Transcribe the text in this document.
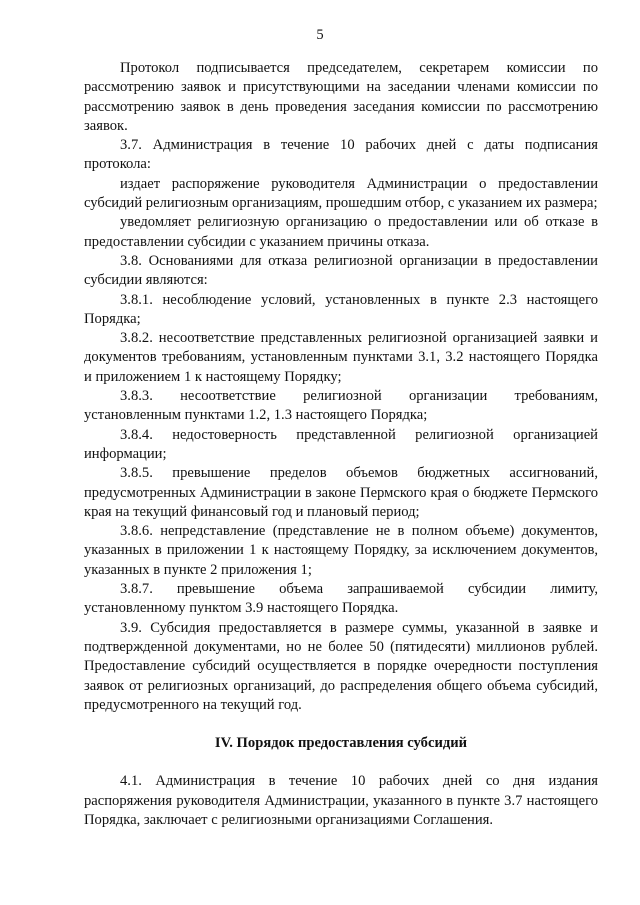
5

Протокол подписывается председателем, секретарем комиссии по рассмотрению заявок и присутствующими на заседании членами комиссии по рассмотрению заявок в день проведения заседания комиссии по рассмотрению заявок.

3.7. Администрация в течение 10 рабочих дней с даты подписания протокола:

издает распоряжение руководителя Администрации о предоставлении субсидий религиозным организациям, прошедшим отбор, с указанием их размера;

уведомляет религиозную организацию о предоставлении или об отказе в предоставлении субсидии с указанием причины отказа.

3.8. Основаниями для отказа религиозной организации в предоставлении субсидии являются:

3.8.1. несоблюдение условий, установленных в пункте 2.3 настоящего Порядка;

3.8.2. несоответствие представленных религиозной организацией заявки и документов требованиям, установленным пунктами 3.1, 3.2 настоящего Порядка и приложением 1 к настоящему Порядку;

3.8.3. несоответствие религиозной организации требованиям, установленным пунктами 1.2, 1.3 настоящего Порядка;

3.8.4. недостоверность представленной религиозной организацией информации;

3.8.5. превышение пределов объемов бюджетных ассигнований, предусмотренных Администрации в законе Пермского края о бюджете Пермского края на текущий финансовый год и плановый период;

3.8.6. непредставление (представление не в полном объеме) документов, указанных в приложении 1 к настоящему Порядку, за исключением документов, указанных в пункте 2 приложения 1;

3.8.7. превышение объема запрашиваемой субсидии лимиту, установленному пунктом 3.9 настоящего Порядка.

3.9. Субсидия предоставляется в размере суммы, указанной в заявке и подтвержденной документами, но не более 50 (пятидесяти) миллионов рублей. Предоставление субсидий осуществляется в порядке очередности поступления заявок от религиозных организаций, до распределения общего объема субсидий, предусмотренного на текущий год.

IV. Порядок предоставления субсидий

4.1. Администрация в течение 10 рабочих дней со дня издания распоряжения руководителя Администрации, указанного в пункте 3.7 настоящего Порядка, заключает с религиозными организациями Соглашения.
